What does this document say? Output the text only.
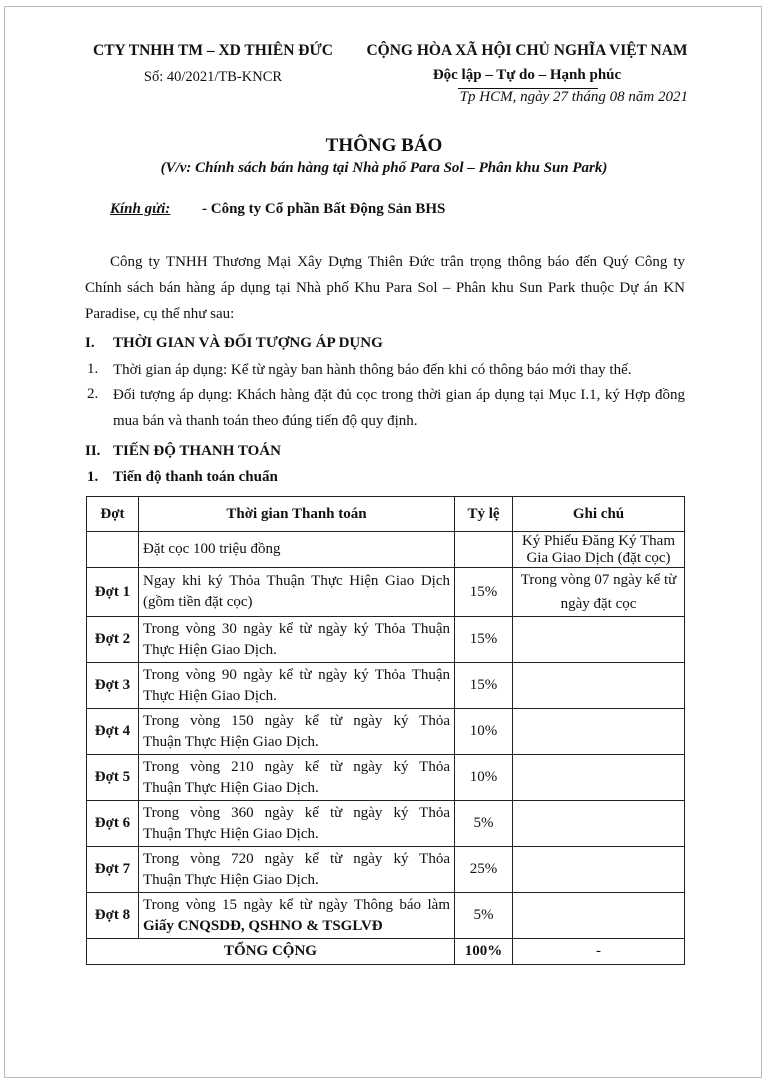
CTY TNHH TM – XD THIÊN ĐỨC
Số: 40/2021/TB-KNCR
CỘNG HÒA XÃ HỘI CHỦ NGHĨA VIỆT NAM
Độc lập – Tự do – Hạnh phúc
Tp HCM, ngày 27 tháng 08 năm 2021
THÔNG BÁO
(V/v: Chính sách bán hàng tại Nhà phố Para Sol – Phân khu Sun Park)
Kính gửi: - Công ty Cổ phần Bất Động Sản BHS
Công ty TNHH Thương Mại Xây Dựng Thiên Đức trân trọng thông báo đến Quý Công ty Chính sách bán hàng áp dụng tại Nhà phố Khu Para Sol – Phân khu Sun Park thuộc Dự án KN Paradise, cụ thể như sau:
I. THỜI GIAN VÀ ĐỐI TƯỢNG ÁP DỤNG
1. Thời gian áp dụng: Kể từ ngày ban hành thông báo đến khi có thông báo mới thay thế.
2. Đối tượng áp dụng: Khách hàng đặt đủ cọc trong thời gian áp dụng tại Mục I.1, ký Hợp đồng mua bán và thanh toán theo đúng tiến độ quy định.
II. TIẾN ĐỘ THANH TOÁN
1. Tiến độ thanh toán chuẩn
Đợt	Thời gian Thanh toán	Tỷ lệ	Ghi chú
	Đặt cọc 100 triệu đồng		Ký Phiếu Đăng Ký Tham Gia Giao Dịch (đặt cọc)
Đợt 1	Ngay khi ký Thỏa Thuận Thực Hiện Giao Dịch
(gồm tiền đặt cọc)	15%	Trong vòng 07 ngày kể từ ngày đặt cọc
Đợt 2	Trong vòng 30 ngày kể từ ngày ký Thỏa Thuận
Thực Hiện Giao Dịch.	15%	
Đợt 3	Trong vòng 90 ngày kể từ ngày ký Thỏa Thuận
Thực Hiện Giao Dịch.	15%	
Đợt 4	Trong vòng 150 ngày kể từ ngày ký Thỏa
Thuận Thực Hiện Giao Dịch.	10%	
Đợt 5	Trong vòng 210 ngày kể từ ngày ký Thỏa
Thuận Thực Hiện Giao Dịch.	10%	
Đợt 6	Trong vòng 360 ngày kể từ ngày ký Thỏa
Thuận Thực Hiện Giao Dịch.	5%	
Đợt 7	Trong vòng 720 ngày kể từ ngày ký Thỏa
Thuận Thực Hiện Giao Dịch.	25%	
Đợt 8	Trong vòng 15 ngày kể từ ngày Thông báo làm
Giấy CNQSDĐ, QSHNO & TSGLVĐ	5%	
TỔNG CỘNG		100%	-
